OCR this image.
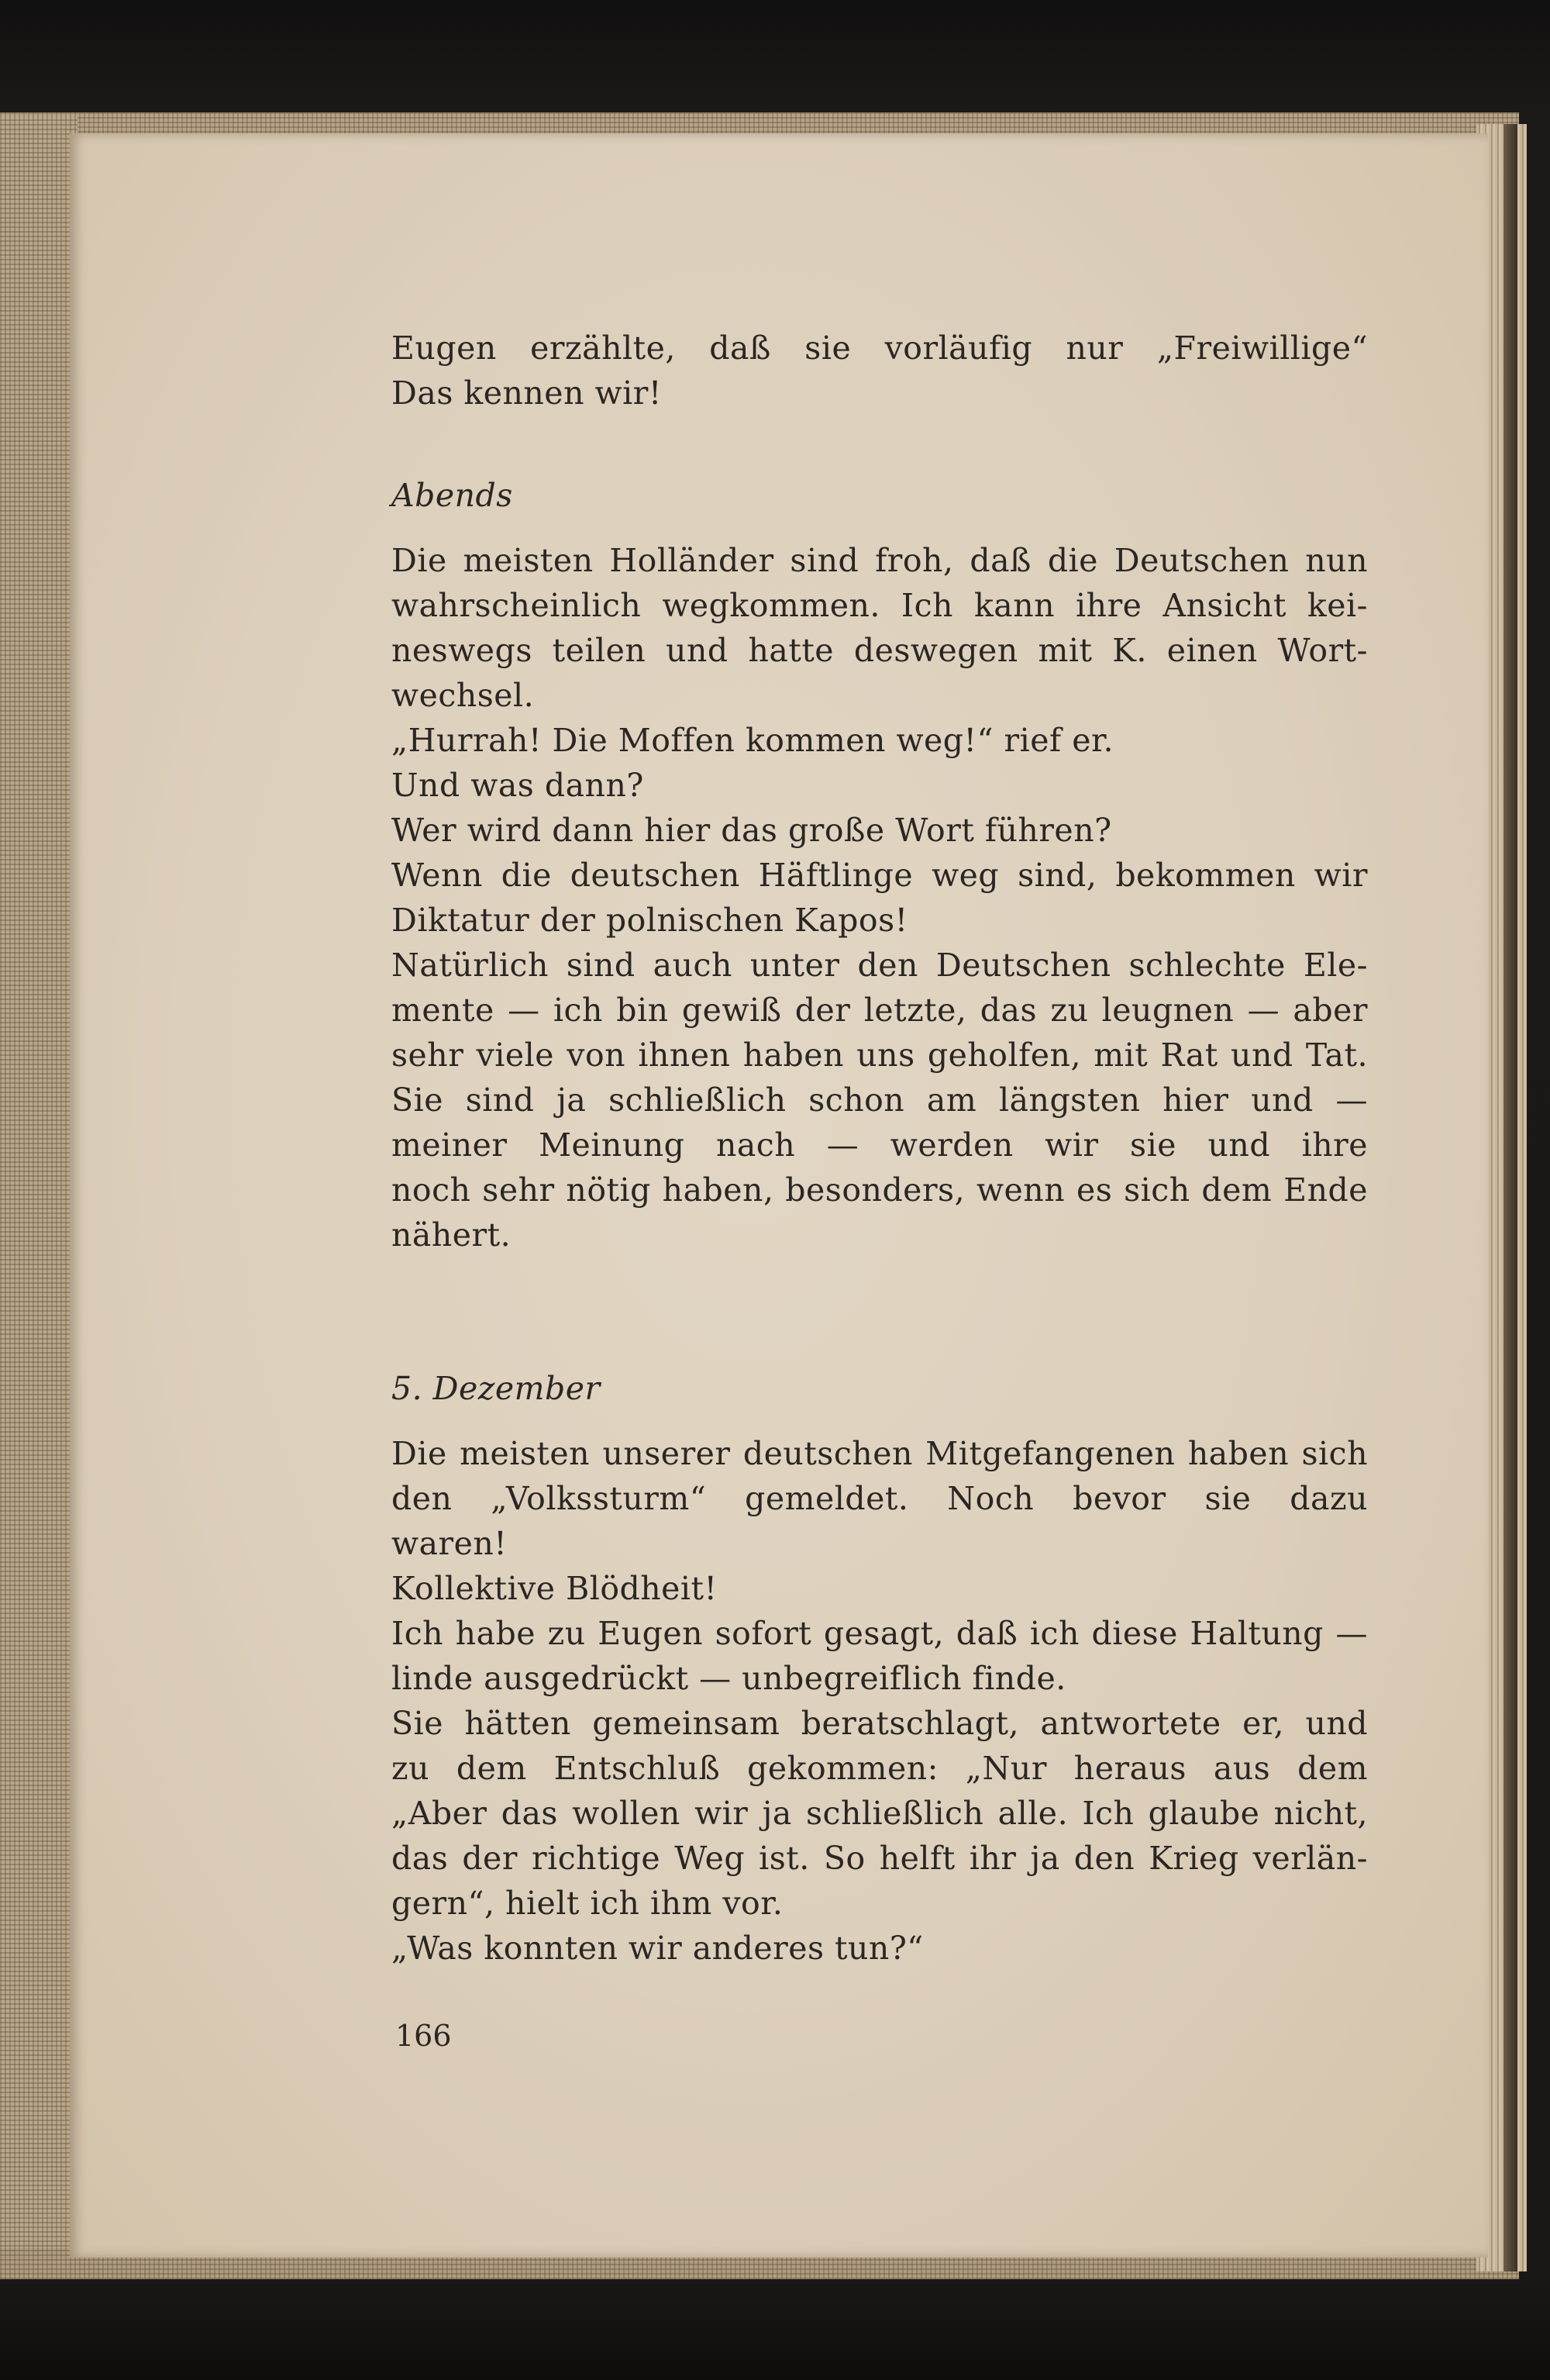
Eugen erzählte, daß sie vorläufig nur „Freiwillige“
Das kennen wir!
Abends
Die meisten Holländer sind froh, daß die Deutschen nun
wahrscheinlich wegkommen. Ich kann ihre Ansicht kei-
neswegs teilen und hatte deswegen mit K. einen Wort-
wechsel.
„Hurrah! Die Moffen kommen weg!“ rief er.
Und was dann?
Wer wird dann hier das große Wort führen?
Wenn die deutschen Häftlinge weg sind, bekommen wir
Diktatur der polnischen Kapos!
Natürlich sind auch unter den Deutschen schlechte Ele-
mente — ich bin gewiß der letzte, das zu leugnen — aber
sehr viele von ihnen haben uns geholfen, mit Rat und Tat.
Sie sind ja schließlich schon am längsten hier und —
meiner Meinung nach — werden wir sie und ihre
noch sehr nötig haben, besonders, wenn es sich dem Ende
nähert.
5. Dezember
Die meisten unserer deutschen Mitgefangenen haben sich
den „Volkssturm“ gemeldet. Noch bevor sie dazu
waren!
Kollektive Blödheit!
Ich habe zu Eugen sofort gesagt, daß ich diese Haltung —
linde ausgedrückt — unbegreiflich finde.
Sie hätten gemeinsam beratschlagt, antwortete er, und
zu dem Entschluß gekommen: „Nur heraus aus dem
„Aber das wollen wir ja schließlich alle. Ich glaube nicht,
das der richtige Weg ist. So helft ihr ja den Krieg verlän-
gern“, hielt ich ihm vor.
„Was konnten wir anderes tun?“
166
